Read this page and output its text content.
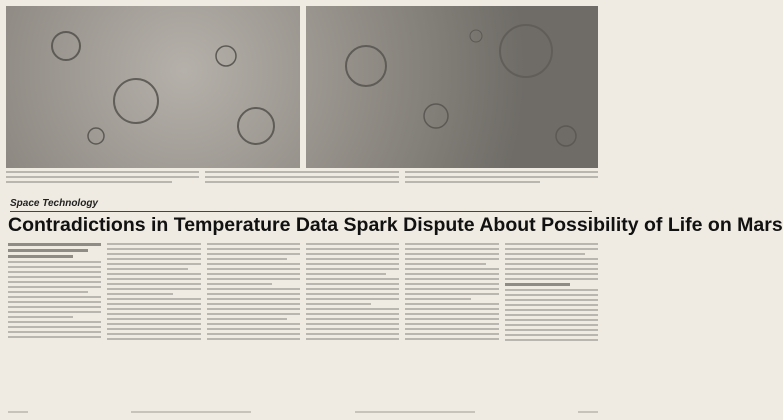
Space Technology
Contradictions in Temperature Data Spark Dispute About Possibility of Life on Mars
